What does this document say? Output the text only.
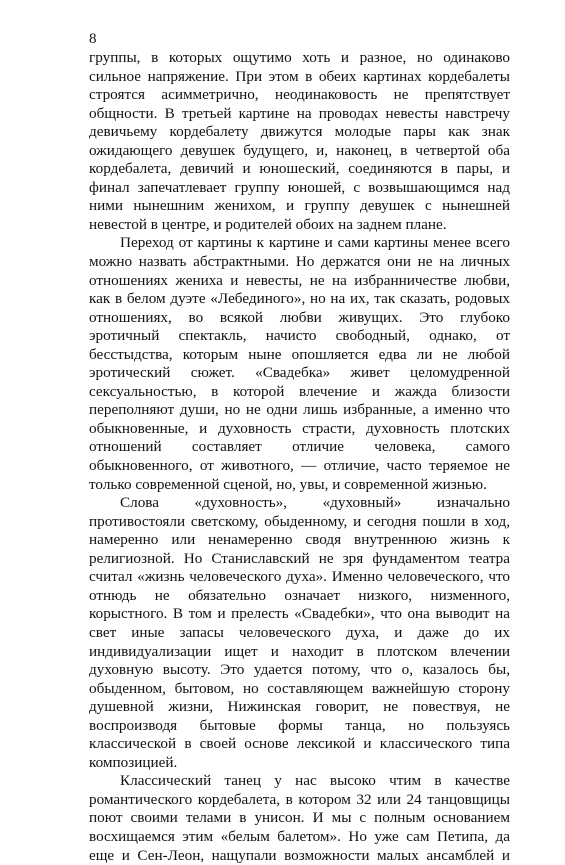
8

группы, в которых ощутимо хоть и разное, но одинаково
сильное напряжение. При этом в обеих картинах кордебалеты
строятся асимметрично, неодинаковость не препятствует
общности. В третьей картине на проводах невесты навстречу
девичьему кордебалету движутся молодые пары как знак
ожидающего девушек будущего, и, наконец, в четвертой оба
кордебалета, девичий и юношеский, соединяются в пары, и
финал запечатлевает группу юношей, с возвышающимся над
ними нынешним женихом, и группу девушек с нынешней
невестой в центре, и родителей обоих на заднем плане.

Переход от картины к картине и сами картины менее всего
можно назвать абстрактными. Но держатся они не на личных
отношениях жениха и невесты, не на избранничестве любви,
как в белом дуэте «Лебединого», но на их, так сказать, родовых
отношениях, во всякой любви живущих. Это глубоко
эротичный спектакль, начисто свободный, однако, от
бесстыдства, которым ныне опошляется едва ли не любой
эротический сюжет. «Свадебка» живет целомудренной
сексуальностью, в которой влечение и жажда близости
переполняют души, но не одни лишь избранные, а именно что
обыкновенные, и духовность страсти, духовность плотских
отношений составляет отличие человека, самого
обыкновенного, от животного, — отличие, часто теряемое не
только современной сценой, но, увы, и современной жизнью.

Слова «духовность», «духовный» изначально
противостояли светскому, обыденному, и сегодня пошли в ход,
намеренно или ненамеренно сводя внутреннюю жизнь к
религиозной. Но Станиславский не зря фундаментом театра
считал «жизнь человеческого духа». Именно человеческого, что
отнюдь не обязательно означает низкого, низменного,
корыстного. В том и прелесть «Свадебки», что она выводит на
свет иные запасы человеческого духа, и даже до их
индивидуализации ищет и находит в плотском влечении
духовную высоту. Это удается потому, что о, казалось бы,
обыденном, бытовом, но составляющем важнейшую сторону
душевной жизни, Нижинская говорит, не повествуя, не
воспроизводя бытовые формы танца, но пользуясь
классической в своей основе лексикой и классического типа
композицией.

Классический танец у нас высоко чтим в качестве
романтического кордебалета, в котором 32 или 24 танцовщицы
поют своими телами в унисон. И мы с полным основанием
восхищаемся этим «белым балетом». Но уже сам Петипа, да
еще и Сен-Леон, нащупали возможности малых ансамблей и
